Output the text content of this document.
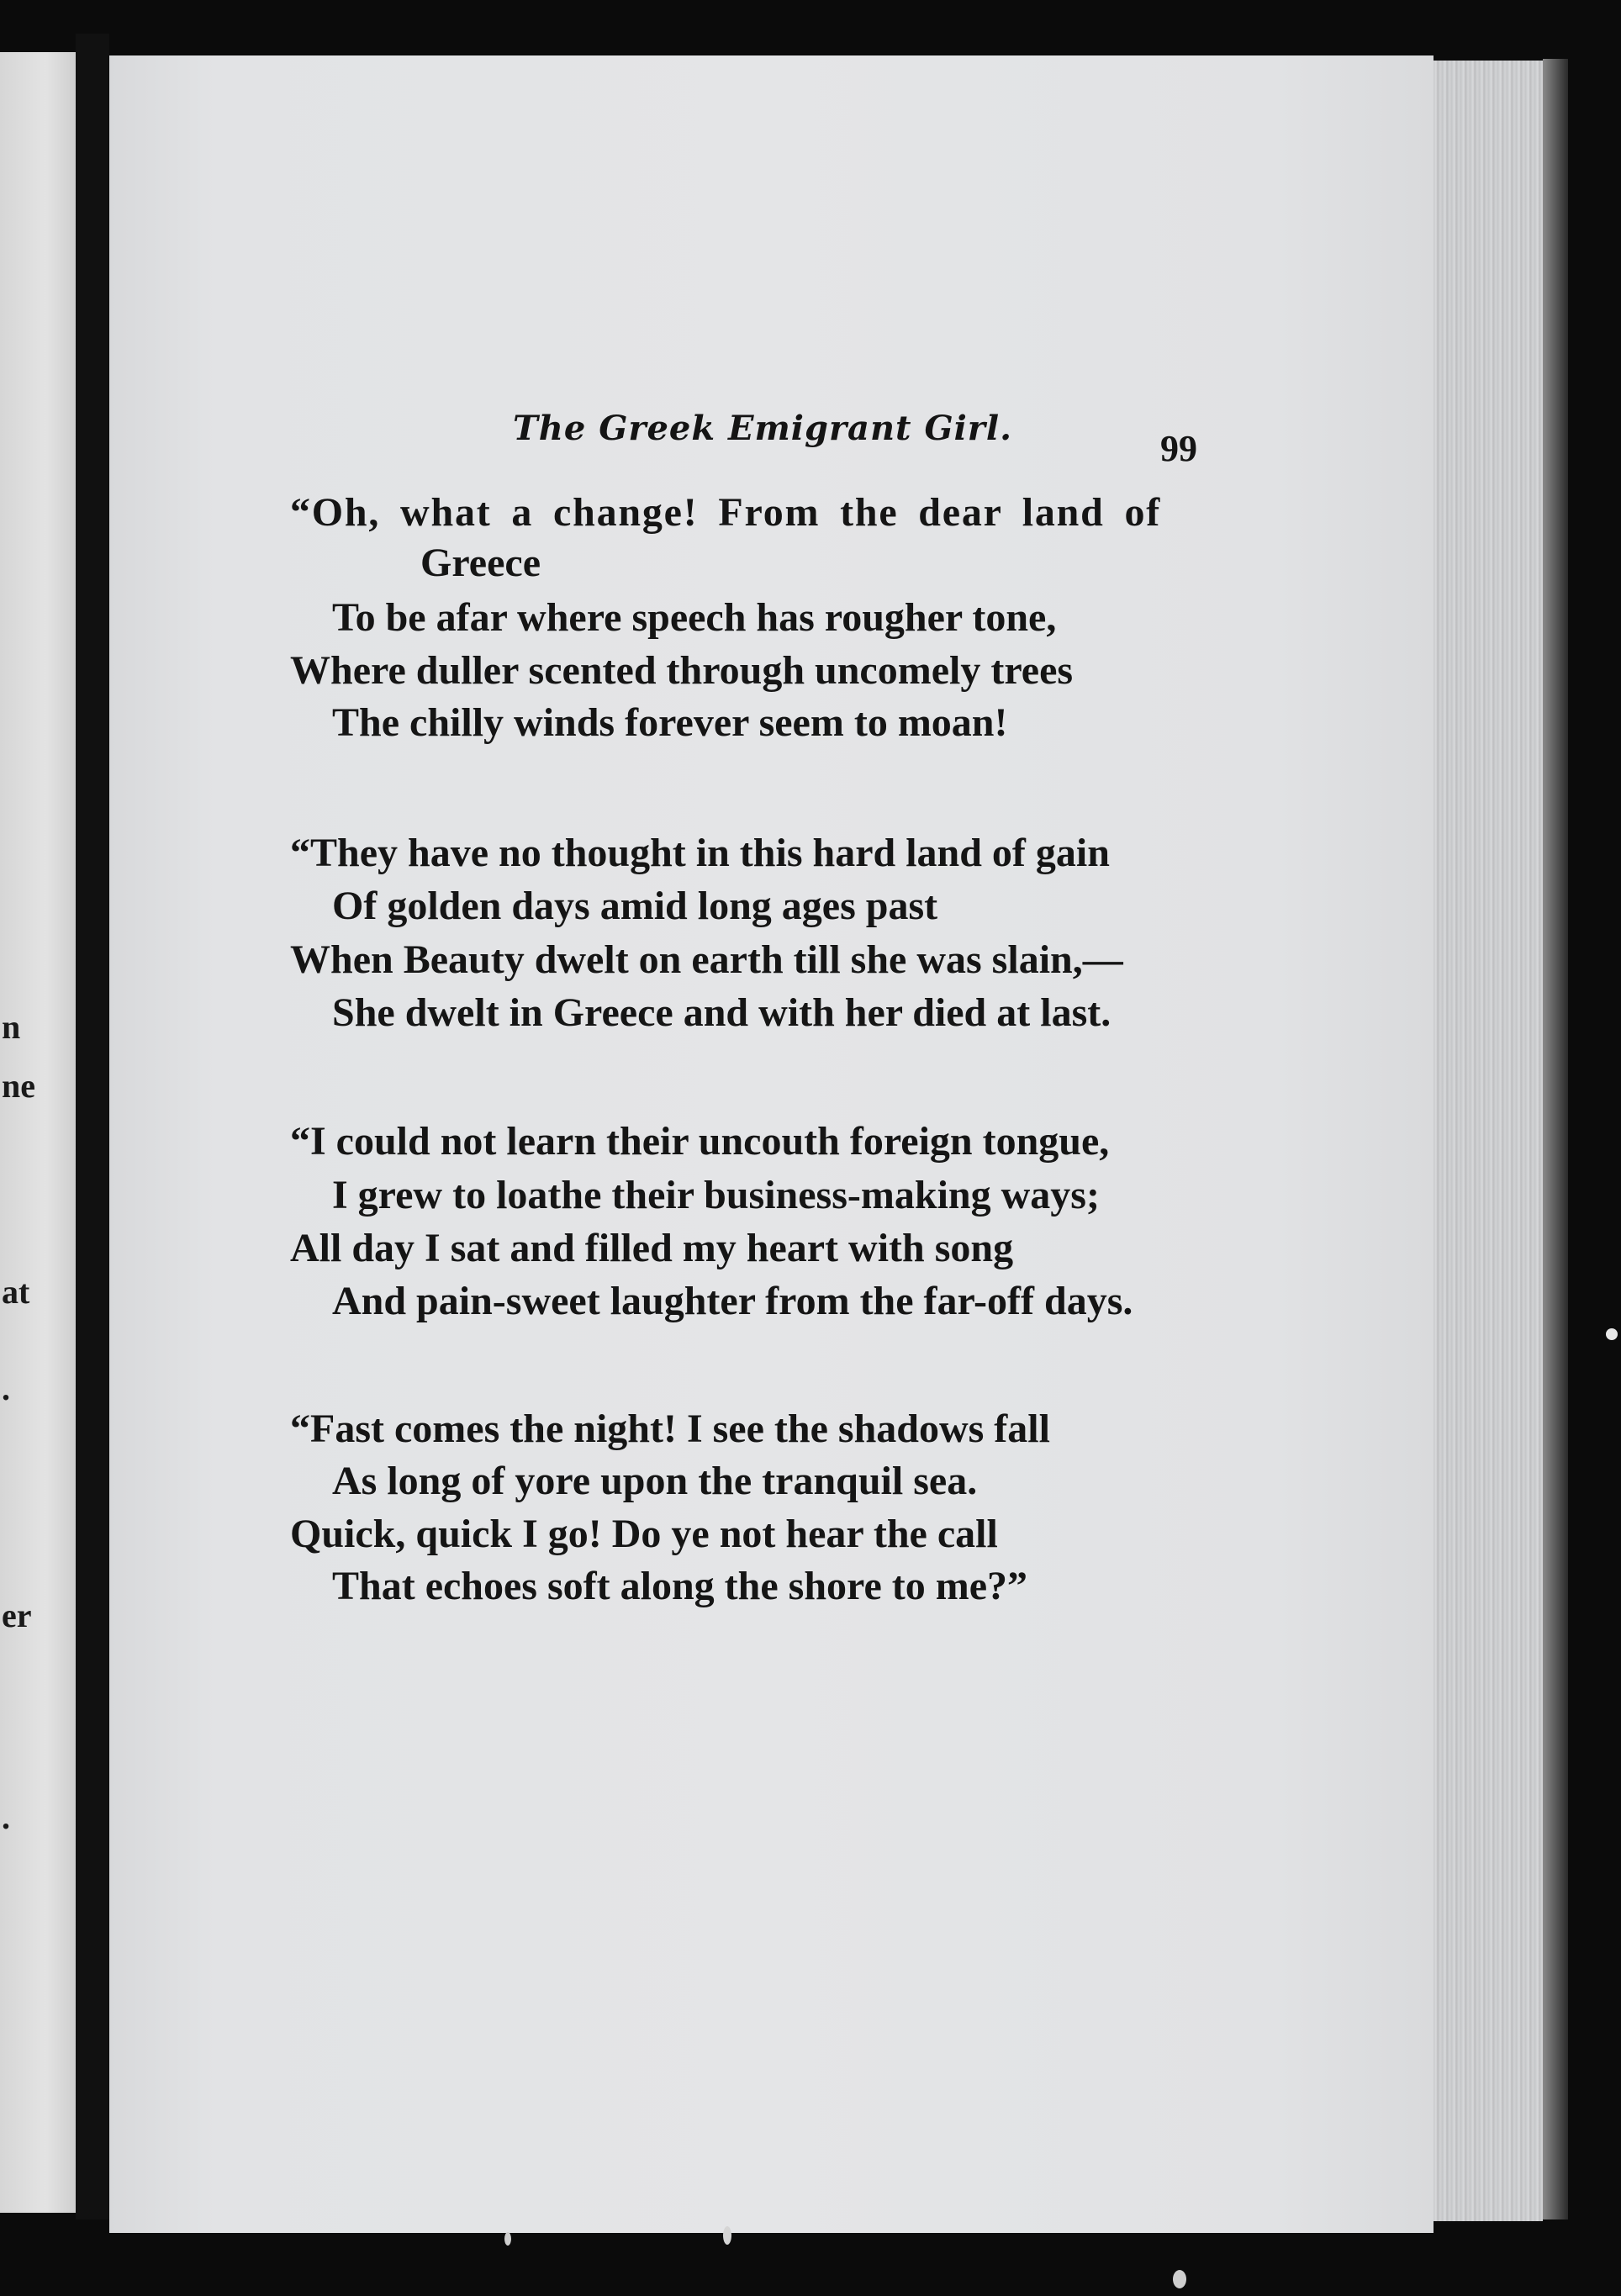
n
ne
at
.
er
.
The Greek Emigrant Girl.	99
“Oh, what a change! From the dear land of
Greece
To be afar where speech has rougher tone,
Where duller scented through uncomely trees
The chilly winds forever seem to moan!
“They have no thought in this hard land of gain
Of golden days amid long ages past
When Beauty dwelt on earth till she was slain,—
She dwelt in Greece and with her died at last.
“I could not learn their uncouth foreign tongue,
I grew to loathe their business-making ways;
All day I sat and filled my heart with song
And pain-sweet laughter from the far-off days.
“Fast comes the night! I see the shadows fall
As long of yore upon the tranquil sea.
Quick, quick I go! Do ye not hear the call
That echoes soft along the shore to me?”
